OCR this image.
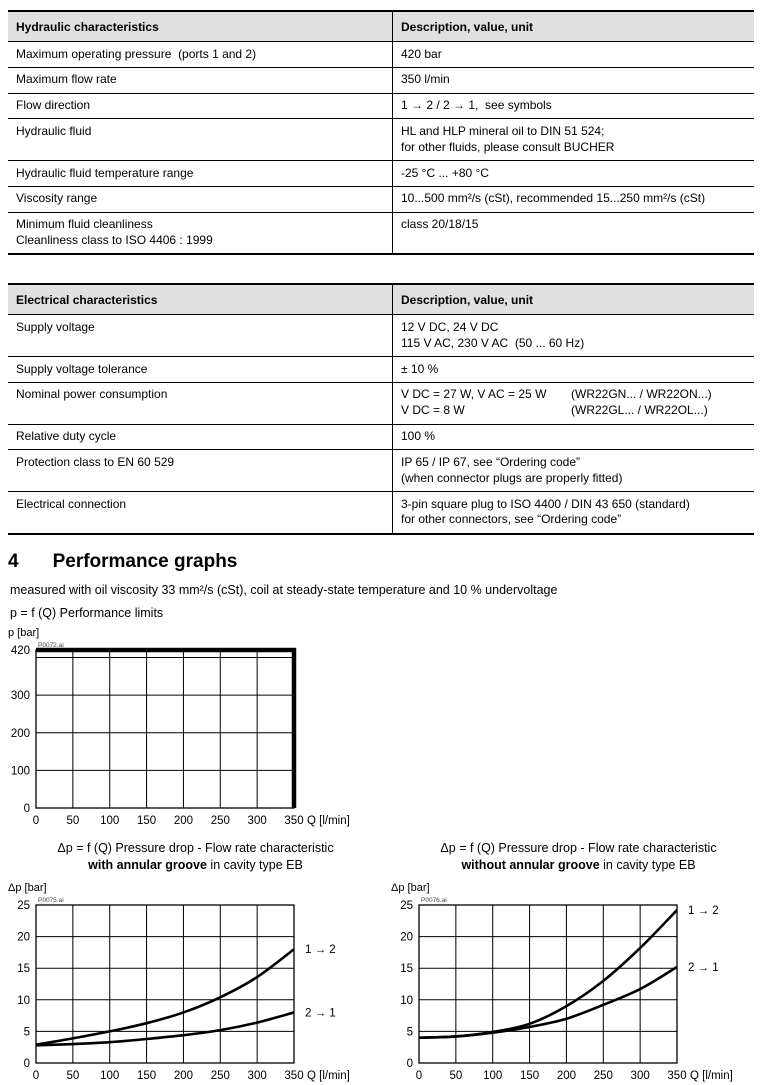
Hydraulic characteristics	Description, value, unit

Maximum operating pressure  (ports 1 and 2)	420 bar

Maximum flow rate	350 l/min

Flow direction	1 → 2 / 2 → 1,  see symbols

Hydraulic fluid	HL and HLP mineral oil to DIN 51 524;
for other fluids, please consult BUCHER

Hydraulic fluid temperature range	-25 °C ... +80 °C

Viscosity range	10...500 mm²/s (cSt), recommended 15...250 mm²/s (cSt)

Minimum fluid cleanliness
Cleanliness class to ISO 4406 : 1999	class 20/18/15
Electrical characteristics	Description, value, unit

Supply voltage	12 V DC, 24 V DC
115 V AC, 230 V AC  (50 ... 60 Hz)

Supply voltage tolerance	± 10 %

Nominal power consumption	V DC = 27 W, V AC = 25 W (WR22GN... / WR22ON...)
V DC = 8 W (WR22GL... / WR22OL...)

Relative duty cycle	100 %

Protection class to EN 60 529	IP 65 / IP 67, see “Ordering code”
(when connector plugs are properly fitted)

Electrical connection	3-pin square plug to ISO 4400 / DIN 43 650 (standard)
for other connectors, see “Ordering code”
4 Performance graphs

measured with oil viscosity 33 mm²/s (cSt), coil at steady-state temperature and 10 % undervoltage

p = f (Q) Performance limits

p [bar]
0 50 100 150 200 250 300 350
0
100
200
300
420
Q [l/min]
P0072.ai
Δp = f (Q) Pressure drop - Flow rate characteristic
with annular groove in cavity type EB
Δp [bar]
0 50 100 150 200 250 300 350
0
5
10
15
20
25
Q [l/min]
P0075.ai
1 → 2
2 → 1
Δp = f (Q) Pressure drop - Flow rate characteristic
without annular groove in cavity type EB
Δp [bar]
0 50 100 150 200 250 300 350
0
5
10
15
20
25
Q [l/min]
P0076.ai
1 → 2
2 → 1
